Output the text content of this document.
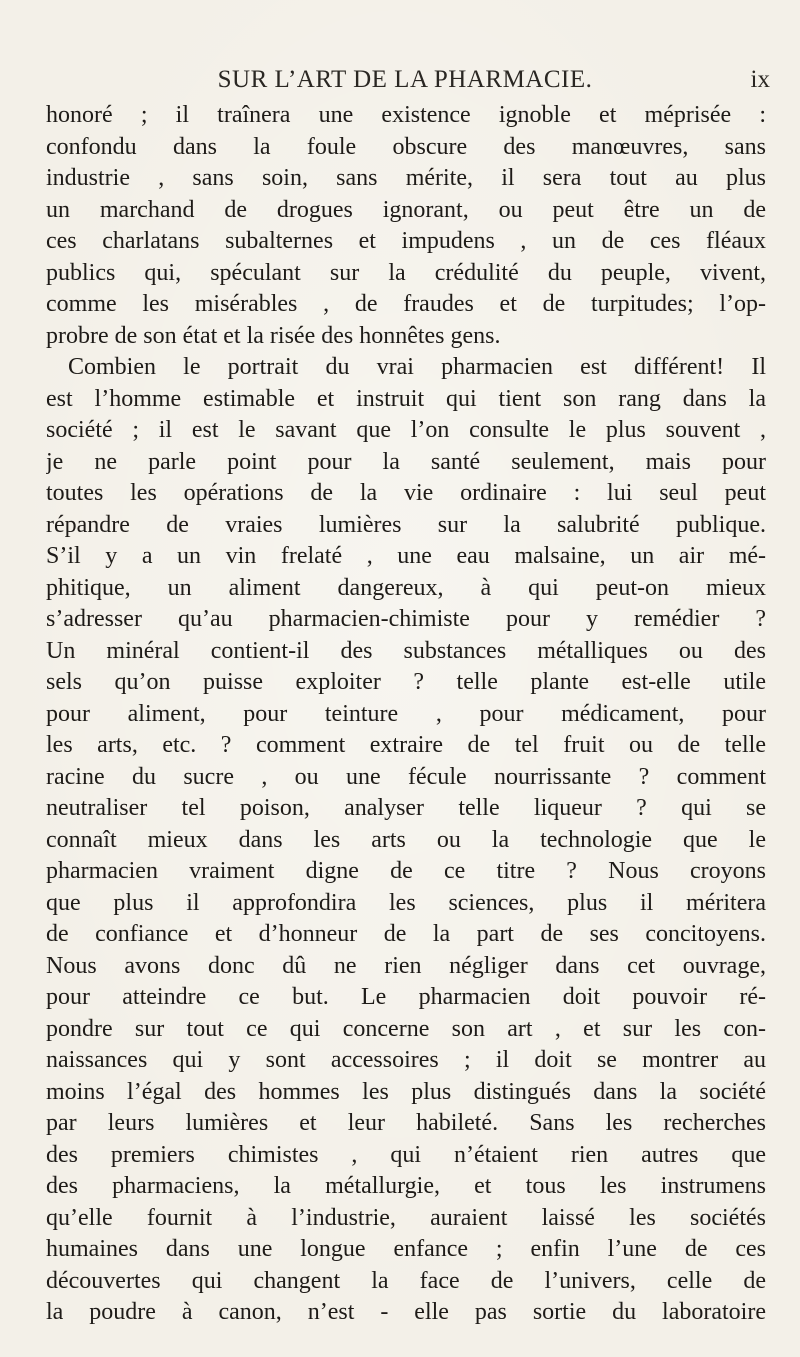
SUR L’ART DE LA PHARMACIE.	ix
honoré ; il traînera une existence ignoble et méprisée :
confondu dans la foule obscure des manœuvres, sans
industrie , sans soin, sans mérite, il sera tout au plus
un marchand de drogues ignorant, ou peut être un de
ces charlatans subalternes et impudens , un de ces fléaux
publics qui, spéculant sur la crédulité du peuple, vivent,
comme les misérables , de fraudes et de turpitudes; l’op-
probre de son état et la risée des honnêtes gens.
Combien le portrait du vrai pharmacien est différent! Il
est l’homme estimable et instruit qui tient son rang dans la
société ; il est le savant que l’on consulte le plus souvent ,
je ne parle point pour la santé seulement, mais pour
toutes les opérations de la vie ordinaire : lui seul peut
répandre de vraies lumières sur la salubrité publique.
S’il y a un vin frelaté , une eau malsaine, un air mé-
phitique, un aliment dangereux, à qui peut-on mieux
s’adresser qu’au pharmacien-chimiste pour y remédier ?
Un minéral contient-il des substances métalliques ou des
sels qu’on puisse exploiter ? telle plante est-elle utile
pour aliment, pour teinture , pour médicament, pour
les arts, etc. ? comment extraire de tel fruit ou de telle
racine du sucre , ou une fécule nourrissante ? comment
neutraliser tel poison, analyser telle liqueur ? qui se
connaît mieux dans les arts ou la technologie que le
pharmacien vraiment digne de ce titre ? Nous croyons
que plus il approfondira les sciences, plus il méritera
de confiance et d’honneur de la part de ses concitoyens.
Nous avons donc dû ne rien négliger dans cet ouvrage,
pour atteindre ce but. Le pharmacien doit pouvoir ré-
pondre sur tout ce qui concerne son art , et sur les con-
naissances qui y sont accessoires ; il doit se montrer au
moins l’égal des hommes les plus distingués dans la société
par leurs lumières et leur habileté. Sans les recherches
des premiers chimistes , qui n’étaient rien autres que
des pharmaciens, la métallurgie, et tous les instrumens
qu’elle fournit à l’industrie, auraient laissé les sociétés
humaines dans une longue enfance ; enfin l’une de ces
découvertes qui changent la face de l’univers, celle de
la poudre à canon, n’est - elle pas sortie du laboratoire
